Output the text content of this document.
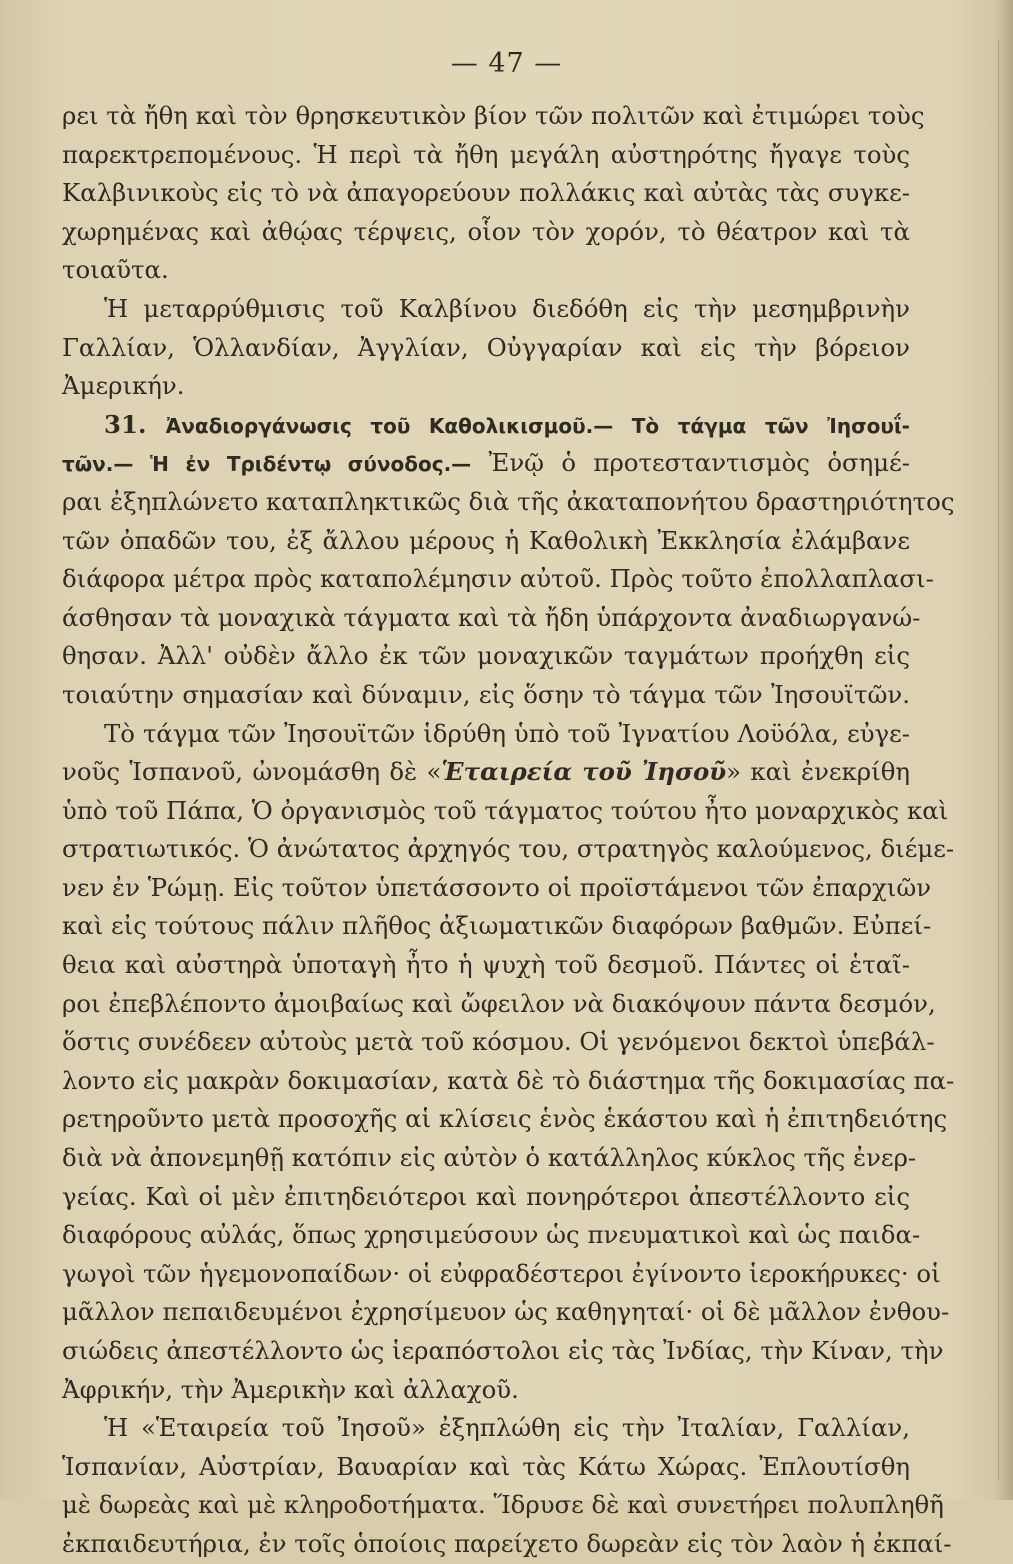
— 47 —
ρει τὰ ἤθη καὶ τὸν θρησκευτικὸν βίον τῶν πολιτῶν καὶ ἐτιμώρει τοὺς
παρεκτρεπομένους. Ἡ περὶ τὰ ἤθη μεγάλη αὐστηρότης ἤγαγε τοὺς
Καλβινικοὺς εἰς τὸ νὰ ἀπαγορεύουν πολλάκις καὶ αὐτὰς τὰς συγκε-
χωρημένας καὶ ἀθῴας τέρψεις, οἷον τὸν χορόν, τὸ θέατρον καὶ τὰ
τοιαῦτα.
Ἡ μεταρρύθμισις τοῦ Καλβίνου διεδόθη εἰς τὴν μεσημβρινὴν
Γαλλίαν, Ὁλλανδίαν, Ἀγγλίαν, Οὐγγαρίαν καὶ εἰς τὴν βόρειον
Ἀμερικήν.
31. Ἀναδιοργάνωσις τοῦ Καθολικισμοῦ.— Τὸ τάγμα τῶν Ἰησουΐ-
τῶν.— Ἡ ἐν Τριδέντῳ σύνοδος.— Ἐνῷ ὁ προτεσταντισμὸς ὁσημέ-
ραι ἐξηπλώνετο καταπληκτικῶς διὰ τῆς ἀκαταπονήτου δραστηριότητος
τῶν ὀπαδῶν του, ἐξ ἄλλου μέρους ἡ Καθολικὴ Ἐκκλησία ἐλάμβανε
διάφορα μέτρα πρὸς καταπολέμησιν αὐτοῦ. Πρὸς τοῦτο ἐπολλαπλασι-
άσθησαν τὰ μοναχικὰ τάγματα καὶ τὰ ἤδη ὑπάρχοντα ἀναδιωργανώ-
θησαν. Ἀλλ' οὐδὲν ἄλλο ἐκ τῶν μοναχικῶν ταγμάτων προήχθη εἰς
τοιαύτην σημασίαν καὶ δύναμιν, εἰς ὅσην τὸ τάγμα τῶν Ἰησουϊτῶν.
Τὸ τάγμα τῶν Ἰησουϊτῶν ἱδρύθη ὑπὸ τοῦ Ἰγνατίου Λοϋόλα, εὐγε-
νοῦς Ἱσπανοῦ, ὠνομάσθη δὲ «Ἑταιρεία τοῦ Ἰησοῦ» καὶ ἐνεκρίθη
ὑπὸ τοῦ Πάπα, Ὁ ὀργανισμὸς τοῦ τάγματος τούτου ἦτο μοναρχικὸς καὶ
στρατιωτικός. Ὁ ἀνώτατος ἀρχηγός του, στρατηγὸς καλούμενος, διέμε-
νεν ἐν Ῥώμῃ. Εἰς τοῦτον ὑπετάσσοντο οἱ προϊστάμενοι τῶν ἐπαρχιῶν
καὶ εἰς τούτους πάλιν πλῆθος ἀξιωματικῶν διαφόρων βαθμῶν. Εὐπεί-
θεια καὶ αὐστηρὰ ὑποταγὴ ἦτο ἡ ψυχὴ τοῦ δεσμοῦ. Πάντες οἱ ἑταῖ-
ροι ἐπεβλέποντο ἀμοιβαίως καὶ ὤφειλον νὰ διακόψουν πάντα δεσμόν,
ὅστις συνέδεεν αὐτοὺς μετὰ τοῦ κόσμου. Οἱ γενόμενοι δεκτοὶ ὑπεβάλ-
λοντο εἰς μακρὰν δοκιμασίαν, κατὰ δὲ τὸ διάστημα τῆς δοκιμασίας πα-
ρετηροῦντο μετὰ προσοχῆς αἱ κλίσεις ἑνὸς ἑκάστου καὶ ἡ ἐπιτηδειότης
διὰ νὰ ἀπονεμηθῇ κατόπιν εἰς αὐτὸν ὁ κατάλληλος κύκλος τῆς ἐνερ-
γείας. Καὶ οἱ μὲν ἐπιτηδειότεροι καὶ πονηρότεροι ἀπεστέλλοντο εἰς
διαφόρους αὐλάς, ὅπως χρησιμεύσουν ὡς πνευματικοὶ καὶ ὡς παιδα-
γωγοὶ τῶν ἡγεμονοπαίδων· οἱ εὐφραδέστεροι ἐγίνοντο ἱεροκήρυκες· οἱ
μᾶλλον πεπαιδευμένοι ἐχρησίμευον ὡς καθηγηταί· οἱ δὲ μᾶλλον ἐνθου-
σιώδεις ἀπεστέλλοντο ὡς ἱεραπόστολοι εἰς τὰς Ἰνδίας, τὴν Κίναν, τὴν
Ἀφρικήν, τὴν Ἀμερικὴν καὶ ἀλλαχοῦ.
Ἡ «Ἑταιρεία τοῦ Ἰησοῦ» ἐξηπλώθη εἰς τὴν Ἰταλίαν, Γαλλίαν,
Ἱσπανίαν, Αὐστρίαν, Βαυαρίαν καὶ τὰς Κάτω Χώρας. Ἐπλουτίσθη
μὲ δωρεὰς καὶ μὲ κληροδοτήματα. Ἵδρυσε δὲ καὶ συνετήρει πολυπληθῆ
ἐκπαιδευτήρια, ἐν τοῖς ὁποίοις παρείχετο δωρεὰν εἰς τὸν λαὸν ἡ ἐκπαί-
